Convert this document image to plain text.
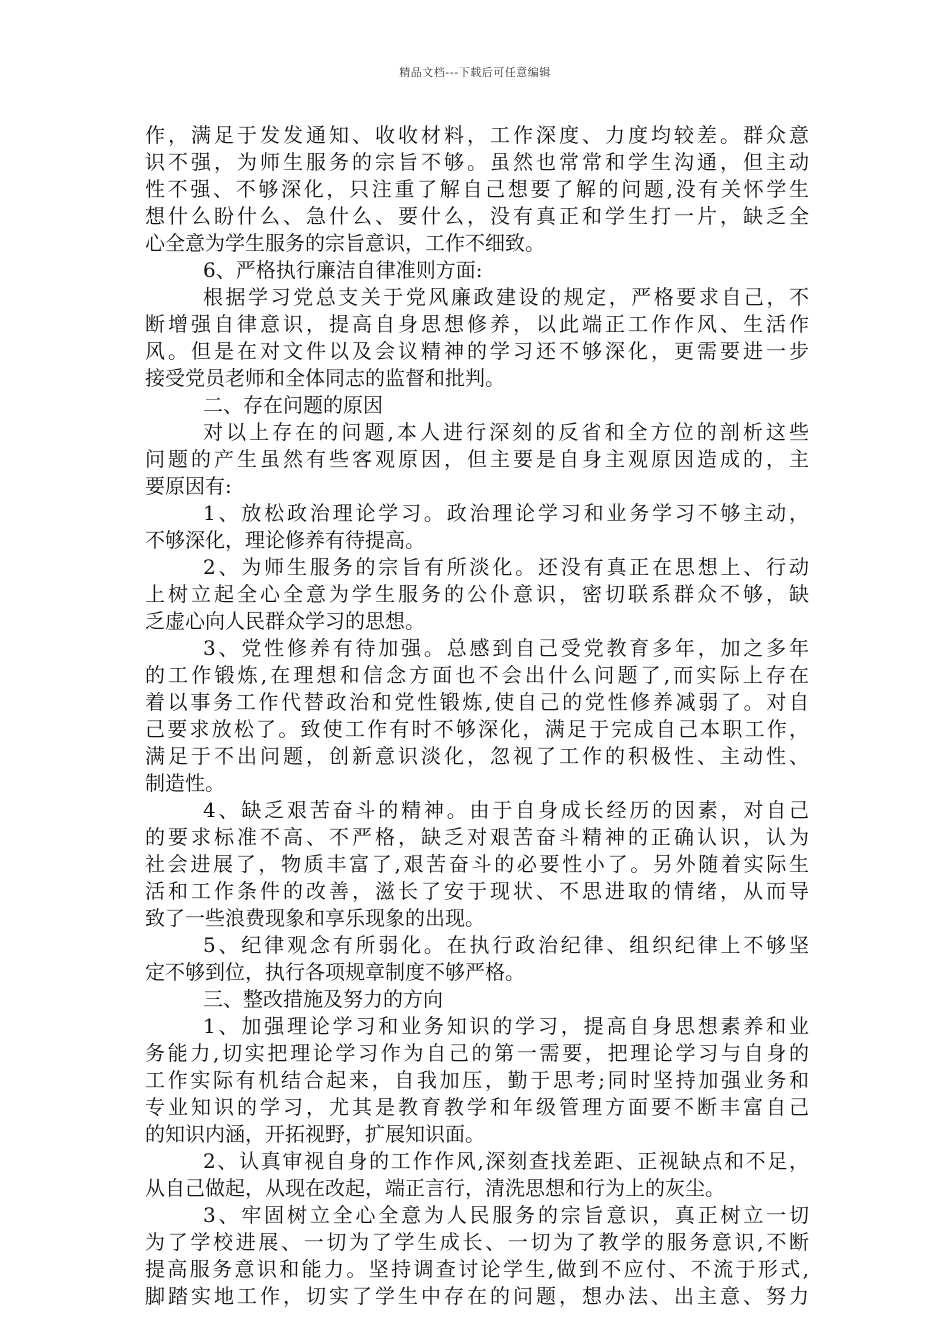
精品文档---下载后可任意编辑
作，满足于发发通知、收收材料，工作深度、力度均较差。群众意
识不强，为师生服务的宗旨不够。虽然也常常和学生沟通，但主动
性不强、不够深化，只注重了解自己想要了解的问题,没有关怀学生
想什么盼什么、急什么、要什么，没有真正和学生打一片，缺乏全
心全意为学生服务的宗旨意识，工作不细致。
6、严格执行廉洁自律准则方面:
根据学习党总支关于党风廉政建设的规定，严格要求自己，不
断增强自律意识，提高自身思想修养，以此端正工作作风、生活作
风。但是在对文件以及会议精神的学习还不够深化，更需要进一步
接受党员老师和全体同志的监督和批判。
二、存在问题的原因
对以上存在的问题,本人进行深刻的反省和全方位的剖析这些
问题的产生虽然有些客观原因，但主要是自身主观原因造成的，主
要原因有:
1、放松政治理论学习。政治理论学习和业务学习不够主动，
不够深化，理论修养有待提高。
2、为师生服务的宗旨有所淡化。还没有真正在思想上、行动
上树立起全心全意为学生服务的公仆意识，密切联系群众不够，缺
乏虚心向人民群众学习的思想。
3、党性修养有待加强。总感到自己受党教育多年，加之多年
的工作锻炼,在理想和信念方面也不会出什么问题了,而实际上存在
着以事务工作代替政治和党性锻炼,使自己的党性修养减弱了。对自
己要求放松了。致使工作有时不够深化，满足于完成自己本职工作，
满足于不出问题，创新意识淡化，忽视了工作的积极性、主动性、
制造性。
4、缺乏艰苦奋斗的精神。由于自身成长经历的因素，对自己
的要求标准不高、不严格，缺乏对艰苦奋斗精神的正确认识，认为
社会进展了，物质丰富了,艰苦奋斗的必要性小了。另外随着实际生
活和工作条件的改善，滋长了安于现状、不思进取的情绪，从而导
致了一些浪费现象和享乐现象的出现。
5、纪律观念有所弱化。在执行政治纪律、组织纪律上不够坚
定不够到位，执行各项规章制度不够严格。
三、整改措施及努力的方向
1、加强理论学习和业务知识的学习，提高自身思想素养和业
务能力,切实把理论学习作为自己的第一需要，把理论学习与自身的
工作实际有机结合起来，自我加压，勤于思考;同时坚持加强业务和
专业知识的学习，尤其是教育教学和年级管理方面要不断丰富自己
的知识内涵，开拓视野，扩展知识面。
2、认真审视自身的工作作风,深刻查找差距、正视缺点和不足，
从自己做起，从现在改起，端正言行，清洗思想和行为上的灰尘。
3、牢固树立全心全意为人民服务的宗旨意识，真正树立一切
为了学校进展、一切为了学生成长、一切为了教学的服务意识,不断
提高服务意识和能力。坚持调查讨论学生,做到不应付、不流于形式,
脚踏实地工作，切实了学生中存在的问题，想办法、出主意、努力
